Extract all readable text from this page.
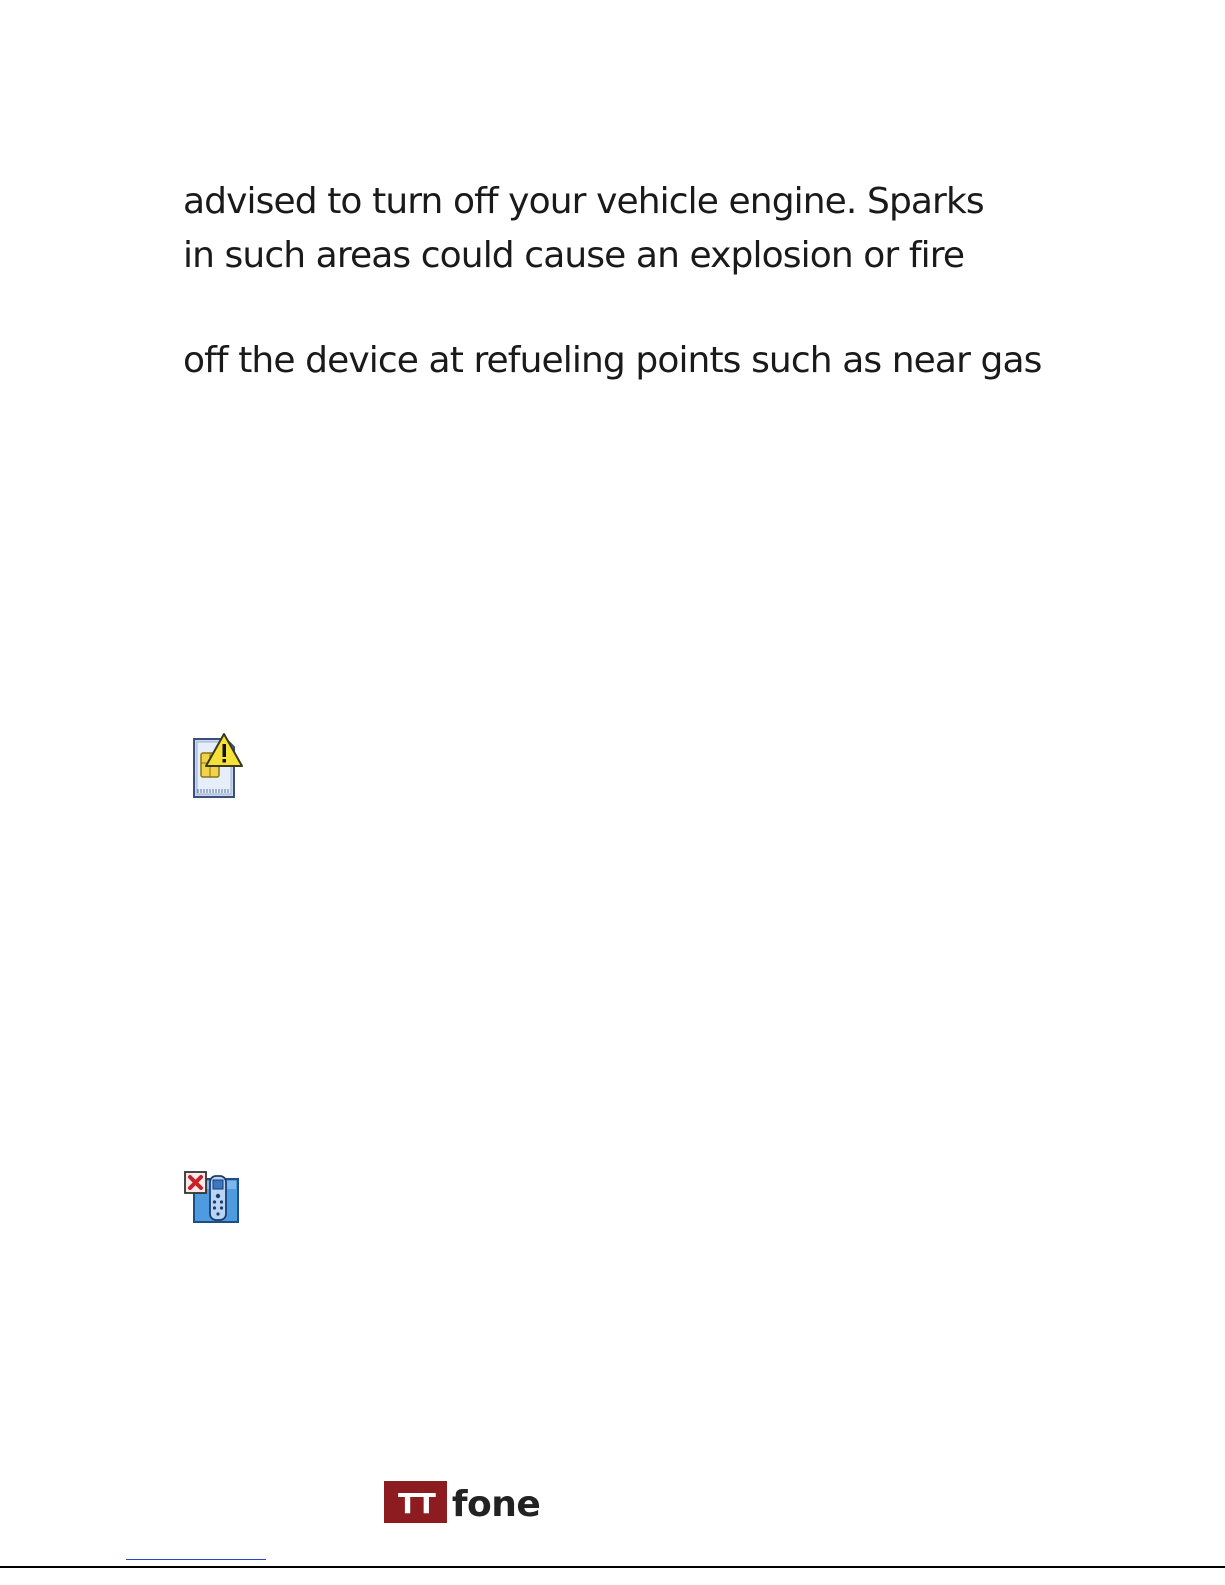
advised to turn off your vehicle engine. Sparks

in such areas could cause an explosion or fire

off the device at refueling points such as near gas

TT fone
